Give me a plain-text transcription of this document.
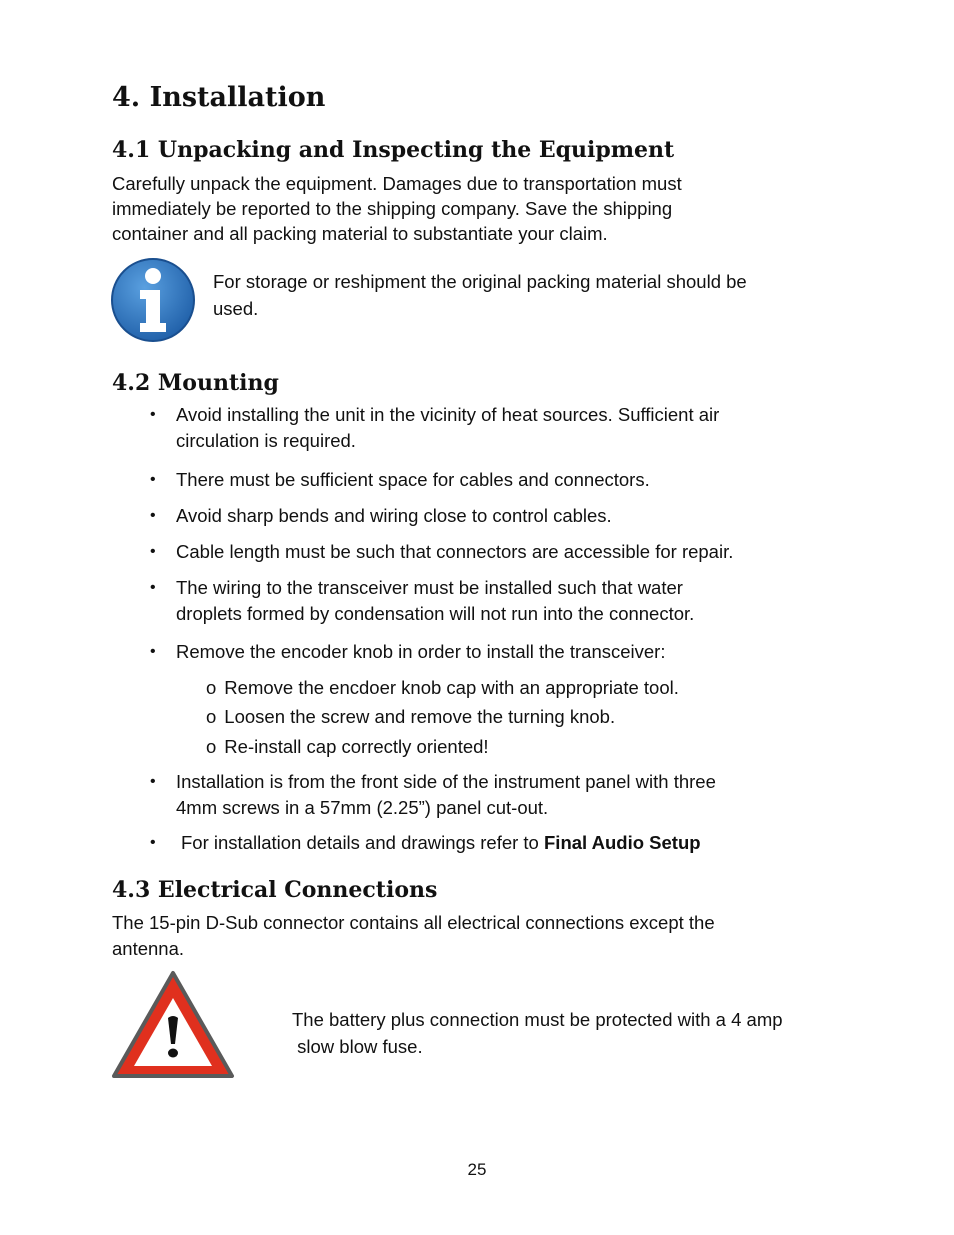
4. Installation
4.1 Unpacking and Inspecting the Equipment

Carefully unpack the equipment. Damages due to transportation must

immediately be reported to the shipping company. Save the shipping

container and all packing material to substantiate your claim.

For storage or reshipment the original packing material should be

used.

4.2 Mounting
• Avoid installing the unit in the vicinity of heat sources. Sufficient air
circulation is required.
• There must be sufficient space for cables and connectors.
• Avoid sharp bends and wiring close to control cables.
• Cable length must be such that connectors are accessible for repair.
• The wiring to the transceiver must be installed such that water
droplets formed by condensation will not run into the connector.
• Remove the encoder knob in order to install the transceiver:
• Installation is from the front side of the instrument panel with three
4mm screws in a 57mm (2.25”) panel cut-out.
• For installation details and drawings refer to Final Audio Setup
o Remove the encdoer knob cap with an appropriate tool.
o Loosen the screw and remove the turning knob.
o Re-install cap correctly oriented!
4.3 Electrical Connections

The 15-pin D-Sub connector contains all electrical connections except the

antenna.

The battery plus connection must be protected with a 4 amp

slow blow fuse.

25
